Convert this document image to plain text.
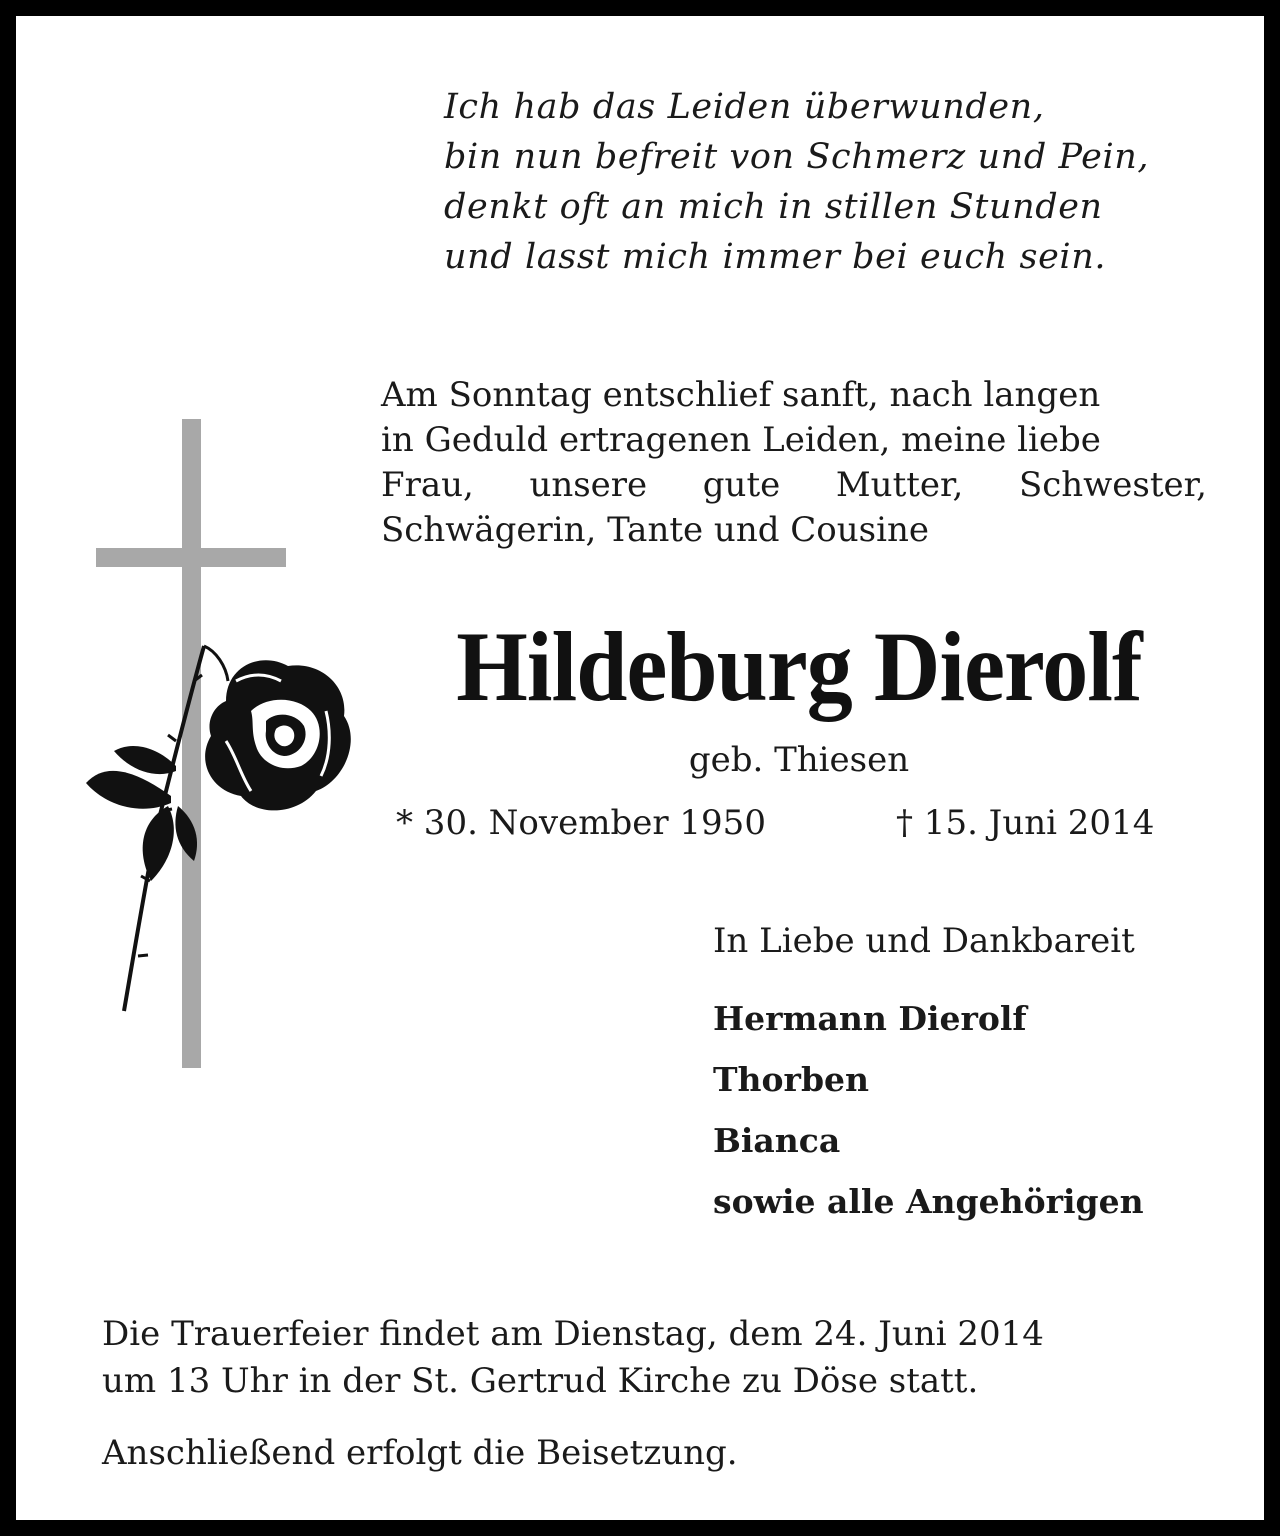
Ich hab das Leiden überwunden,
bin nun befreit von Schmerz und Pein,
denkt oft an mich in stillen Stunden
und lasst mich immer bei euch sein.
Am Sonntag entschlief sanft, nach langen
in Geduld ertragenen Leiden, meine liebe
Frau, unsere gute Mutter, Schwester,
Schwägerin, Tante und Cousine
Hildeburg Dierolf
geb. Thiesen
* 30. November 1950	† 15. Juni 2014
In Liebe und Dankbareit
Hermann Dierolf
Thorben
Bianca
sowie alle Angehörigen
Die Trauerfeier findet am Dienstag, dem 24. Juni 2014
um 13 Uhr in der St. Gertrud Kirche zu Döse statt.
Anschließend erfolgt die Beisetzung.
